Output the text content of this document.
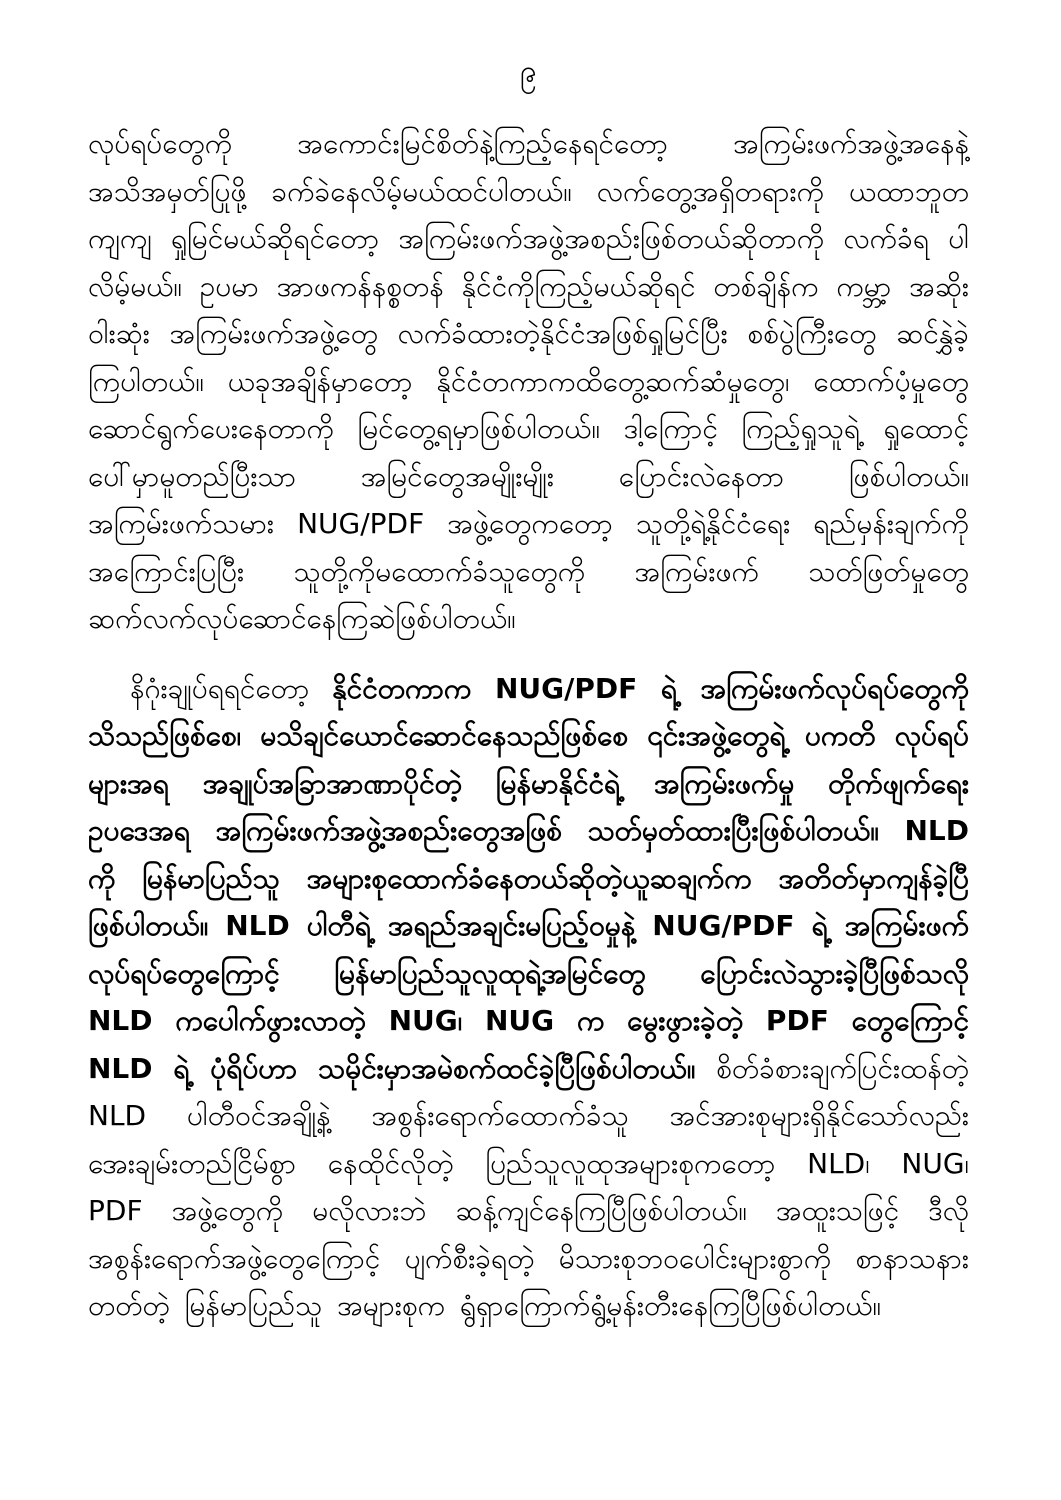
၉

လုပ်ရပ်တွေကို အကောင်းမြင်စိတ်နဲ့ကြည့်နေရင်တော့ အကြမ်းဖက်အဖွဲ့အနေနဲ့ အသိအမှတ်ပြုဖို့ ခက်ခဲနေလိမ့်မယ်ထင်ပါတယ်။ လက်တွေ့အရှိတရားကို ယထာဘူတ ကျကျ ရှုမြင်မယ်ဆိုရင်တော့ အကြမ်းဖက်အဖွဲ့အစည်းဖြစ်တယ်ဆိုတာကို လက်ခံရ ပါလိမ့်မယ်။ ဥပမာ အာဖကန်နစ္စတန် နိုင်ငံကိုကြည့်မယ်ဆိုရင် တစ်ချိန်က ကမ္ဘာ့ အဆိုးဝါးဆုံး အကြမ်းဖက်အဖွဲ့တွေ လက်ခံထားတဲ့နိုင်ငံအဖြစ်ရှုမြင်ပြီး စစ်ပွဲကြီးတွေ ဆင်နွှဲခဲ့ကြပါတယ်။ ယခုအချိန်မှာတော့ နိုင်ငံတကာကထိတွေ့ဆက်ဆံမှုတွေ၊ ထောက်ပံ့မှုတွေ ဆောင်ရွက်ပေးနေတာကို မြင်တွေ့ရမှာဖြစ်ပါတယ်။ ဒါ့ကြောင့် ကြည့်ရှုသူရဲ့ ရှုထောင့်ပေါ်မှာမူတည်ပြီးသာ အမြင်တွေအမျိုးမျိုး ပြောင်းလဲနေတာ ဖြစ်ပါတယ်။ အကြမ်းဖက်သမား NUG/PDF အဖွဲ့တွေကတော့ သူတို့ရဲ့နိုင်ငံရေး ရည်မှန်းချက်ကို အကြောင်းပြပြီး သူတို့ကိုမထောက်ခံသူတွေကို အကြမ်းဖက် သတ်ဖြတ်မှုတွေ ဆက်လက်လုပ်ဆောင်နေကြဆဲဖြစ်ပါတယ်။

နိဂုံးချုပ်ရရင်တော့ နိုင်ငံတကာက NUG/PDF ရဲ့ အကြမ်းဖက်လုပ်ရပ်တွေကို သိသည်ဖြစ်စေ၊ မသိချင်ယောင်ဆောင်နေသည်ဖြစ်စေ ၎င်းအဖွဲ့တွေရဲ့ ပကတိ လုပ်ရပ်များအရ အချုပ်အခြာအာဏာပိုင်တဲ့ မြန်မာနိုင်ငံရဲ့ အကြမ်းဖက်မှု တိုက်ဖျက်ရေး ဥပဒေအရ အကြမ်းဖက်အဖွဲ့အစည်းတွေအဖြစ် သတ်မှတ်ထားပြီးဖြစ်ပါတယ်။ NLD ကို မြန်မာပြည်သူ အများစုထောက်ခံနေတယ်ဆိုတဲ့ယူဆချက်က အတိတ်မှာကျန်ခဲ့ပြီ ဖြစ်ပါတယ်။ NLD ပါတီရဲ့ အရည်အချင်းမပြည့်ဝမှုနဲ့ NUG/PDF ရဲ့ အကြမ်းဖက် လုပ်ရပ်တွေကြောင့် မြန်မာပြည်သူလူထုရဲ့အမြင်တွေ ပြောင်းလဲသွားခဲ့ပြီဖြစ်သလို NLD ကပေါက်ဖွားလာတဲ့ NUG၊ NUG က မွေးဖွားခဲ့တဲ့ PDF တွေကြောင့် NLD ရဲ့ ပုံရိပ်ဟာ သမိုင်းမှာအမဲစက်ထင်ခဲ့ပြီဖြစ်ပါတယ်။ စိတ်ခံစားချက်ပြင်းထန်တဲ့ NLD ပါတီဝင်အချို့နဲ့ အစွန်းရောက်ထောက်ခံသူ အင်အားစုများရှိနိုင်သော်လည်း အေးချမ်းတည်ငြိမ်စွာ နေထိုင်လိုတဲ့ ပြည်သူလူထုအများစုကတော့ NLD၊ NUG၊ PDF အဖွဲ့တွေကို မလိုလားဘဲ ဆန့်ကျင်နေကြပြီဖြစ်ပါတယ်။ အထူးသဖြင့် ဒီလိုအစွန်းရောက်အဖွဲ့တွေကြောင့် ပျက်စီးခဲ့ရတဲ့ မိသားစုဘဝပေါင်းများစွာကို စာနာသနားတတ်တဲ့ မြန်မာပြည်သူ အများစုက ရွံရှာကြောက်ရွံ့မုန်းတီးနေကြပြီဖြစ်ပါတယ်။
